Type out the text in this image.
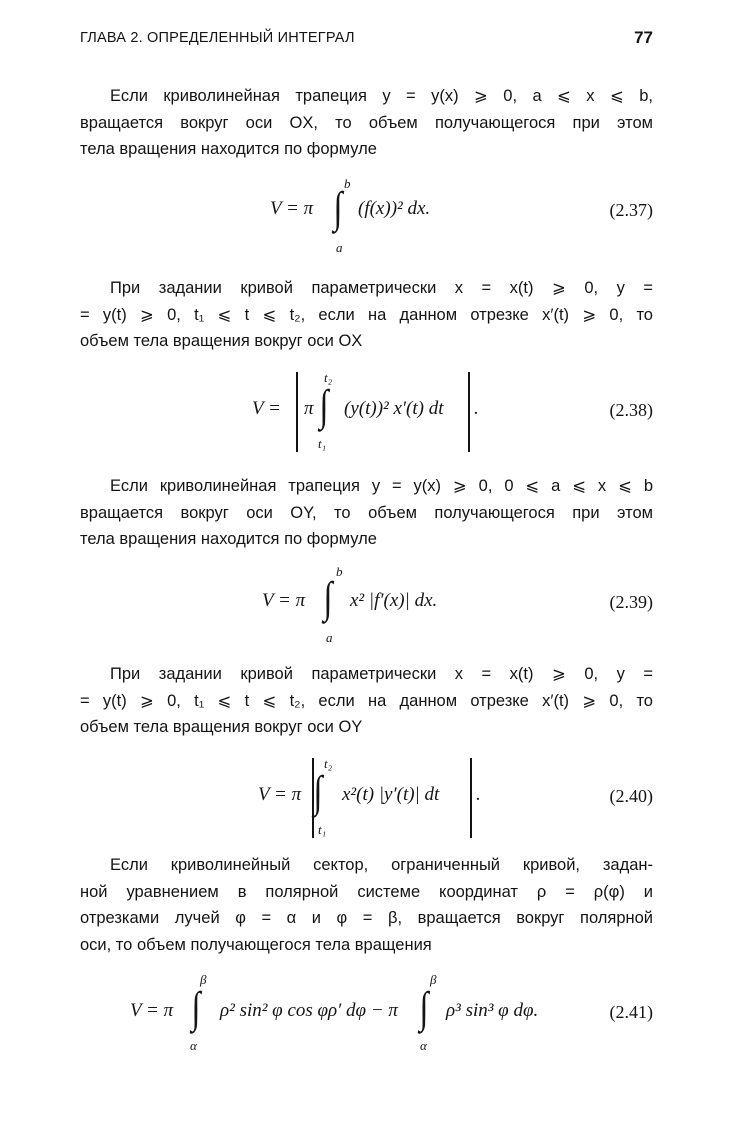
ГЛАВА 2. ОПРЕДЕЛЕННЫЙ ИНТЕГРАЛ	77

Если криволинейная трапеция y = y(x) ⩾ 0, a ⩽ x ⩽ b,
вращается вокруг оси OX, то объем получающегося при этом
тела вращения находится по формуле

V = π ∫ b
a
(f(x))² dx.	(2.37)

При задании кривой параметрически x = x(t) ⩾ 0, y =
= y(t) ⩾ 0, t₁ ⩽ t ⩽ t₂, если на данном отрезке x′(t) ⩾ 0, то
объем тела вращения вокруг оси OX

V = π ∫
t₂
t₁
(y(t))² x′(t) dt .	(2.38)

Если криволинейная трапеция y = y(x) ⩾ 0, 0 ⩽ a ⩽ x ⩽ b
вращается вокруг оси OY, то объем получающегося при этом
тела вращения находится по формуле

V = π ∫
b
a
x² |f′(x)| dx.	(2.39)

При задании кривой параметрически x = x(t) ⩾ 0, y =
= y(t) ⩾ 0, t₁ ⩽ t ⩽ t₂, если на данном отрезке x′(t) ⩾ 0, то
объем тела вращения вокруг оси OY

V = π ∫
t₂
t₁
x²(t) |y′(t)| dt .	(2.40)

Если криволинейный сектор, ограниченный кривой, задан-
ной уравнением в полярной системе координат ρ = ρ(φ) и
отрезками лучей φ = α и φ = β, вращается вокруг полярной
оси, то объем получающегося тела вращения

V = π ∫
β
α
ρ² sin² φ cos φρ′ dφ − π ∫
β
α
ρ³ sin³ φ dφ.	(2.41)
